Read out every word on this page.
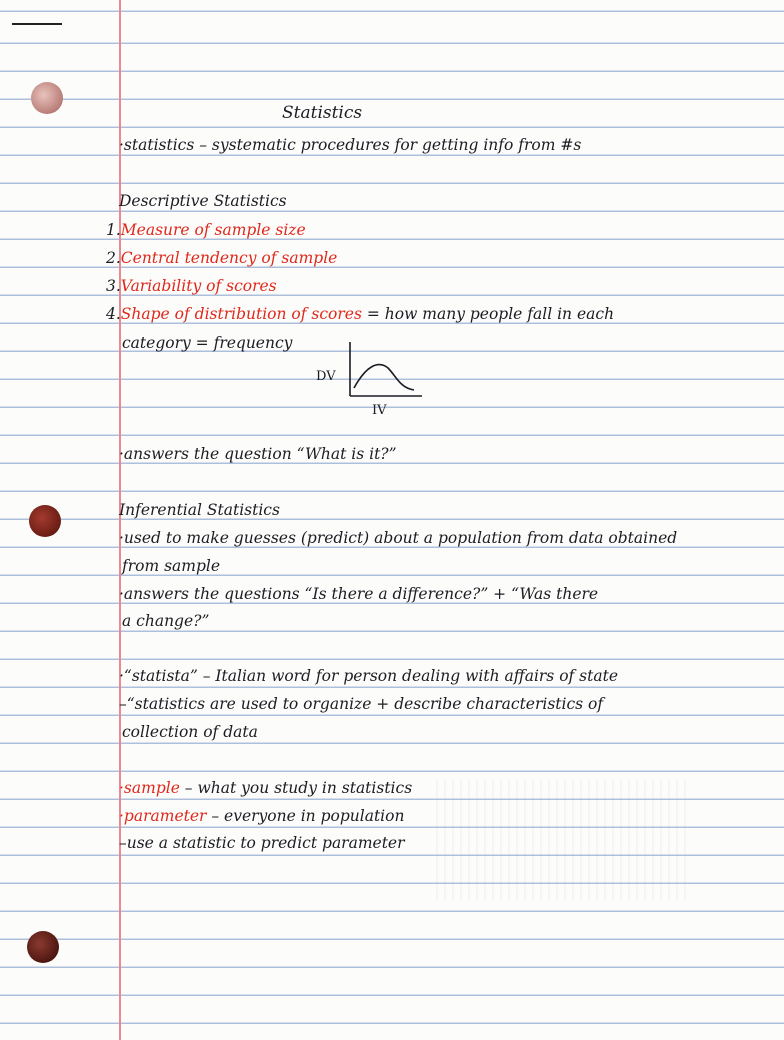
Statistics
·statistics – systematic procedures for getting info from #s
Descriptive Statistics
1.Measure of sample size
2.Central tendency of sample
3.Variability of scores
4.Shape of distribution of scores = how many people fall in each
category = frequency
DV
IV
·answers the question “What is it?”
Inferential Statistics
·used to make guesses (predict) about a population from data obtained
from sample
·answers the questions “Is there a difference?” + “Was there
a change?”
·“statista” – Italian word for person dealing with affairs of state
–“statistics are used to organize + describe characteristics of
collection of data
·sample – what you study in statistics
·parameter – everyone in population
–use a statistic to predict parameter
